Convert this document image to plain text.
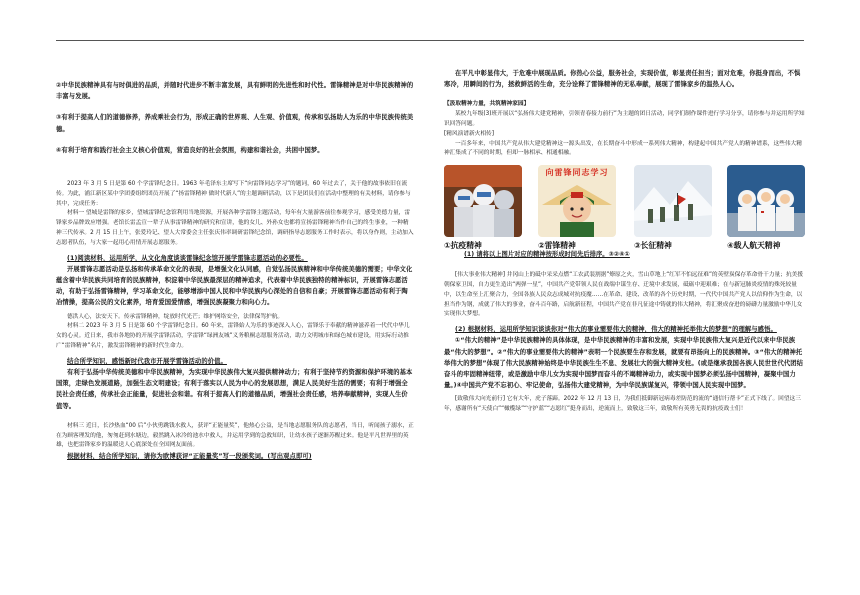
②中华民族精神具有与时俱进的品质，并随时代进步不断丰富发展，具有鲜明的先进性和时代性。雷锋精神是对中华民族精神的丰富与发展。

③有利于提高人们的道德修养，养成乘社会行为，形成正确的世界观、人生观、价值观，传承和弘扬助人为乐的中华民族传统美德。

④有利于培育和践行社会主义核心价值观，营造良好的社会氛围，构建和谐社会，共困中国梦。

2023 年 3 月 5 日是第 60 个学雷锋纪念日。1963 年毛泽东主席写下“向雷锋同志学习”的题词，60 年过去了，关于他的故事依旧在流传。为此，浦江新区某中学团委组织团员开展了“扬雷锋精神 做时代新人”的主题调研活动，以下是团员们在活动中整理的有关材料，请你参与其中，完成任务：

材料一 望城是雷锋的家乡，望城雷锋纪念馆利用当地资源，开展各种学雷锋主题活动，每年有大量游客前往参观学习，感受美德力量，雷锋家乡品牌效应增强。老馆长雷孟宣一辈子从事雷锋精神的研究和宣讲，他的女儿、外孙女也都将宣扬雷锋精神当作自己的终生事业，一种精神三代传承。2 月 15 日上午，张爱玲记、望人大常委会主任张庆伟率调研雷锋纪念馆，调研指导志愿服务工作时表示，将以身作则，主动加入志愿者队伍，与大家一起用心用情开展志愿服务。

(1)阅读材料，运用所学，从文化角度谈谈雷锋纪念馆开展学雷锋志愿活动的必要性。

开展雷锋志愿活动是弘扬和传承革命文化的表现，是增强文化认同感，自觉弘扬民族精神和中华传统美德的需要；中华文化蕴含着中华民族共同培育的民族精神，积淀着中华民族最深层的精神追求，代表着中华民族独特的精神标识，开展雷锋志愿活动，有助于弘扬雷锋精神，学习革命文化，能够增添中国人民和中华民族内心深处的自信和自豪；开展雷锋志愿活动有利于陶冶情操，提高公民的文化素养，培育爱国爱情感，增强民族凝聚力和向心力。

德洪人心，法安天下。传承雷锋精神，绽放时代光芒；维护网络安全，法律保驾护航。

材料二 2023 年 3 月 5 日是第 60 个学雷锋纪念日。60 年来，雷锋始人为乐的事迹深入人心，雷锋乐于奉献的精神滋养着一代代中华儿女的心灵。近日来，我市各地协的开展学雷锋活动，学雷锋“绿洲友城”义务粮桐志愿服务活动，助力文明城市和绿色城市建设，用实际行动推广“雷锋精神”名片，激发雷锋精神的新时代生命力。

结合所学知识，感悟新时代我市开展学雷锋活动的价值。

有利于弘扬中华传统美德和中华民族精神，为实现中华民族伟大复兴提供精神动力；有利于坚持节约资源和保护环境的基本国策，走绿色发展道路，加强生态文明建设；有利于落实以人民为中心的发展思想，满足人民美好生活的需要；有利于增强全民社会责任感，传承社会正能量，促进社会和谐。有利于提高人们的道德品质，增强社会责任感，培养奉献精神，实现人生价值等。

材料三 近日，长沙热血“00 后”小伙勇跳钱水救人，获评“正能量奖”，他热心公益，是当地志愿服务队的志愿者，当日，听闻孩子溺水，正在为顾客理发的他，匆匆赶到水塘边，毅然跳入冰冷的池水中救人，并运用学到的急救知识，让幼水孩子逐渐苏醒过来。他是平凡世界里的英雄，也把雷锋家乡的温暖送人心底深处在全国网友面前。

根据材料，结合所学知识，请你为欧博获评“正能量奖”写一段颁奖词。(写出观点即可)

在平凡中彰显伟大，于危难中展现品质。你热心公益，服务社会，实现价值，彰显责任担当；面对危难，你挺身而出，不惧寒冷，用瞬间的行为，拯救鲜活的生命，充分诠释了雷锋精神的无私奉献，展现了雷锋家乡的温热人心。

【汲取精神力量，共筑精神家园】

某校九年级(3)班开展以“弘扬伟大建党精神，引领青春接力前行”为主题的团日活动，同学们制作课件进行学习分享，请你参与并运用所学知识回答问题。

[精风演谱新火相传]

一百多年来，中国共产党从伟大建党精神这一源头出发，在长期奋斗中形成一系列伟大精神，构建起中国共产党人的精神谱系，这些伟大精神汇集成了不同的时期，但却一脉相承、相通相融。

①抗疫精神
向雷锋同志学习
②雷锋精神	③长征精神	④载人航天精神
(1) 请将以上图片对应的精神按形成时间先后排序。③②④①

[伟大事业伟大精神] 井冈山上的砥中采采点燃“工农武装割据”燎原之火，雪山草地上“红军不怕远征难”的英壁炭保存革命骨干力量；抗美援朝保家卫国，自力更生造出“两弹一星”，中国共产党带领人民在战端中谋生存、迁境中求发展，砥砺中迎艰难；在与新冠肺炎疫情的殊死较量中，以生命至上汇聚合力，全国各族人民众志成城对抗疫魔……在革命、建设、改革的各个历史时期，一代代中国共产党人以信仰作为生命，以担当作为钢，成就了伟大的事业，奋斗百年路，启航新征程，中国共产党在非凡征途中铸就的伟大精神，将汇聚成奋进的磅礴力量激励中华儿女实现伟大梦想。

(2) 根据材料，运用所学知识谈谈你对“伟大的事业需要伟大的精神，伟大的精神托举伟大的梦想”的理解与感悟。

①“伟大的精神”是中华民族精神的具体体现，是中华民族精神的丰富和发展，实现中华民族伟大复兴是近代以来中华民族最“伟大的梦想”。②“伟大的事业需要伟大的精神”表明一个民族要生存和发展，就要有昂扬向上的民族精神。③“伟大的精神托举伟大的梦想”体现了伟大民族精神始终是中华民族生生不息、发展壮大的强大精神支柱。(或是继承我国各族人民世世代代团结奋斗的牢固精神纽带，或是激励中华儿女为实现中国梦而奋斗的不竭精神动力，或实现中国梦必须弘扬中国精神，凝聚中国力量。)④中国共产党不忘初心、牢记使命，弘扬伟大建党精神，为中华民族谋复兴，带领中国人民实现中国梦。

[致敬伟大向光前行] 它有大年，虎子落蹄。2022 年 12 月 13 日，为我们抵御新冠病毒差防范的流的“通信行帮卡”正式下线了。回望这三年，感谢所有“天使白”“橄榄绿”“守护蓝”“志愿红”挺身而出，逆流而上，致敬这三年，致敬所有英勇无畏的抗疫战士们！
